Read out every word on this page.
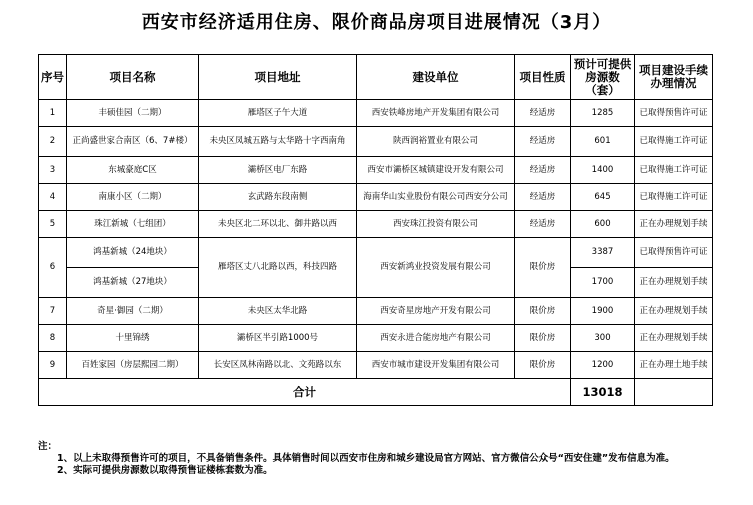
西安市经济适用住房、限价商品房项目进展情况（3月）
序号	项目名称	项目地址	建设单位	项目性质	预计可提供房源数（套）	项目建设手续办理情况
1	丰硕佳园（二期）	雁塔区子午大道	西安铁峰房地产开发集团有限公司	经适房	1285	已取得预售许可证
2	正尚盛世家合南区（6、7#楼）	未央区凤城五路与太华路十字西南角	陕西润裕置业有限公司	经适房	601	已取得施工许可证
3	东城豪庭C区	灞桥区电厂东路	西安市灞桥区城镇建设开发有限公司	经适房	1400	已取得施工许可证
4	南康小区（二期）	玄武路东段南侧	海南华山实业股份有限公司西安分公司	经适房	645	已取得施工许可证
5	珠江新城（七组团）	未央区北二环以北、御井路以西	西安珠江投资有限公司	经适房	600	正在办理规划手续
6	鸿基新城（24地块）	雁塔区丈八北路以西，科技四路	西安新鸿业投资发展有限公司	限价房	3387	已取得预售许可证
	鸿基新城（27地块）				1700	正在办理规划手续
7	奇星·御园（二期）	未央区太华北路	西安奇星房地产开发有限公司	限价房	1900	正在办理规划手续
8	十里锦绣	灞桥区半引路1000号	西安永进合能房地产有限公司	限价房	300	正在办理规划手续
9	百姓家园（房层熙园二期）	长安区凤林南路以北、文苑路以东	西安市城市建设开发集团有限公司	限价房	1200	正在办理土地手续
合计					13018	

注：

1、以上未取得预售许可的项目，不具备销售条件。具体销售时间以西安市住房和城乡建设局官方网站、官方微信公众号“西安住建”发布信息为准。

2、实际可提供房源数以取得预售证楼栋套数为准。
